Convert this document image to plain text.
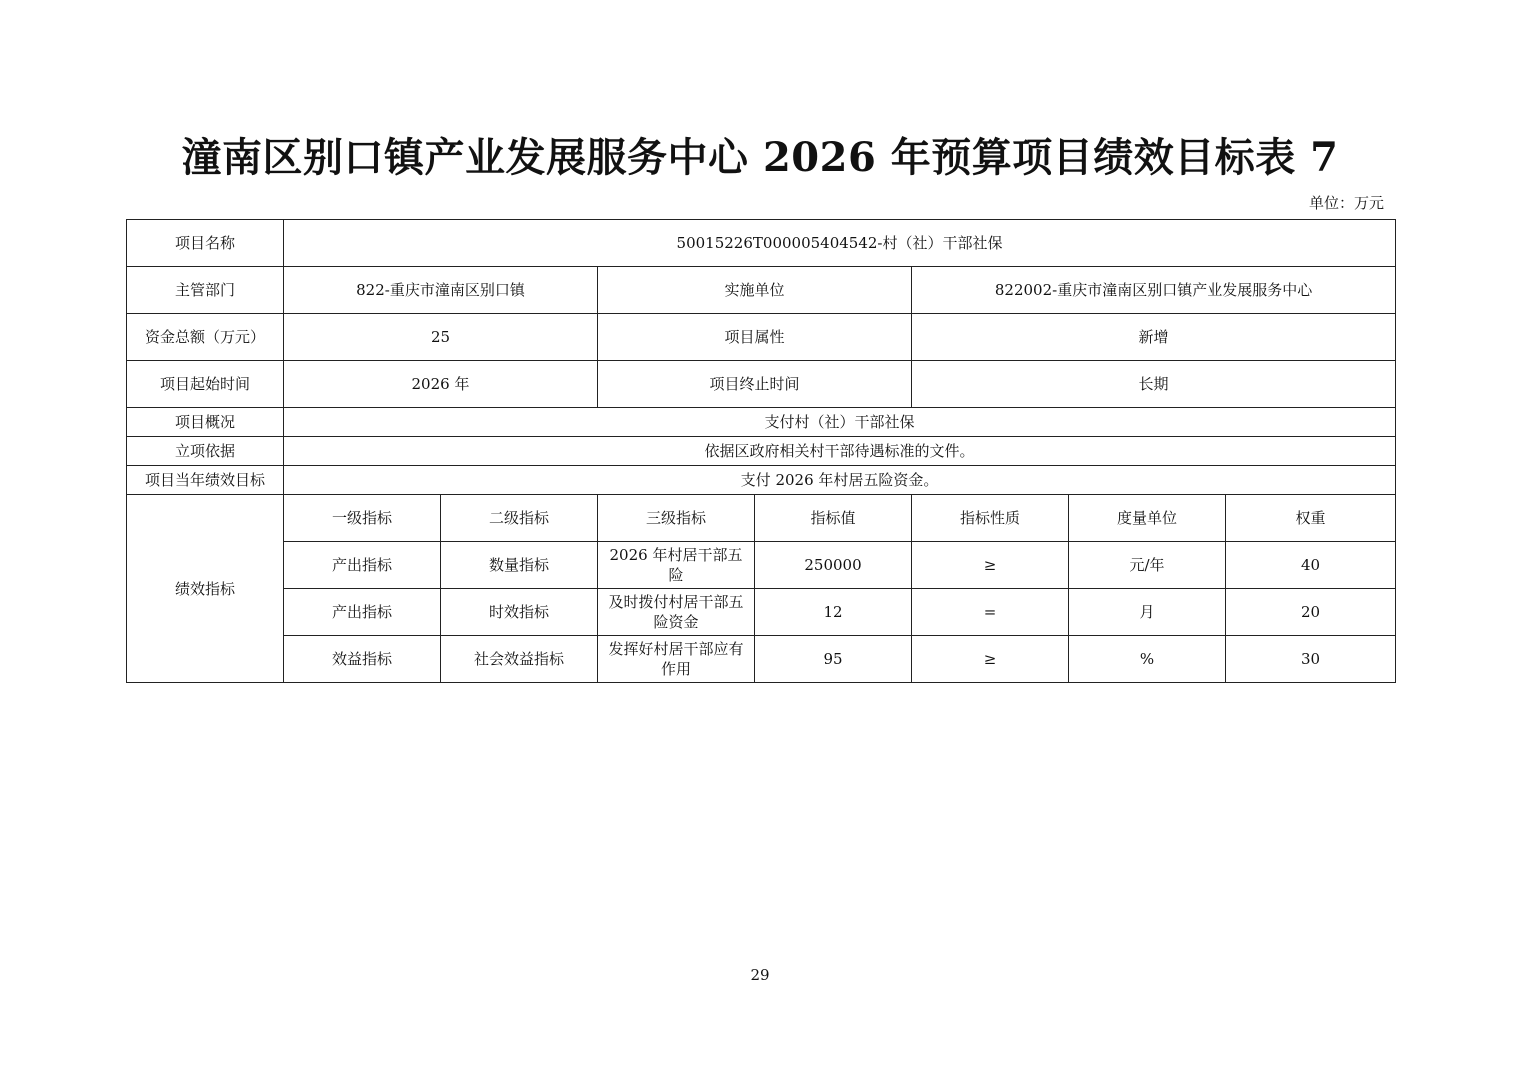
潼南区别口镇产业发展服务中心 2026 年预算项目绩效目标表 7
单位：万元
项目名称	50015226T000005404542-村（社）干部社保						
主管部门	822-重庆市潼南区别口镇		实施单位		822002-重庆市潼南区别口镇产业发展服务中心		
资金总额（万元）	25		项目属性		新增		
项目起始时间	2026 年		项目终止时间		长期		
项目概况	支付村（社）干部社保						
立项依据	依据区政府相关村干部待遇标准的文件。						
项目当年绩效目标	支付 2026 年村居五险资金。						
绩效指标	一级指标	二级指标	三级指标	指标值	指标性质	度量单位	权重
	产出指标	数量指标	2026 年村居干部五险	250000	≥	元/年	40
	产出指标	时效指标	及时拨付村居干部五险资金	12	=	月	20
	效益指标	社会效益指标	发挥好村居干部应有作用	95	≥	%	30
29
